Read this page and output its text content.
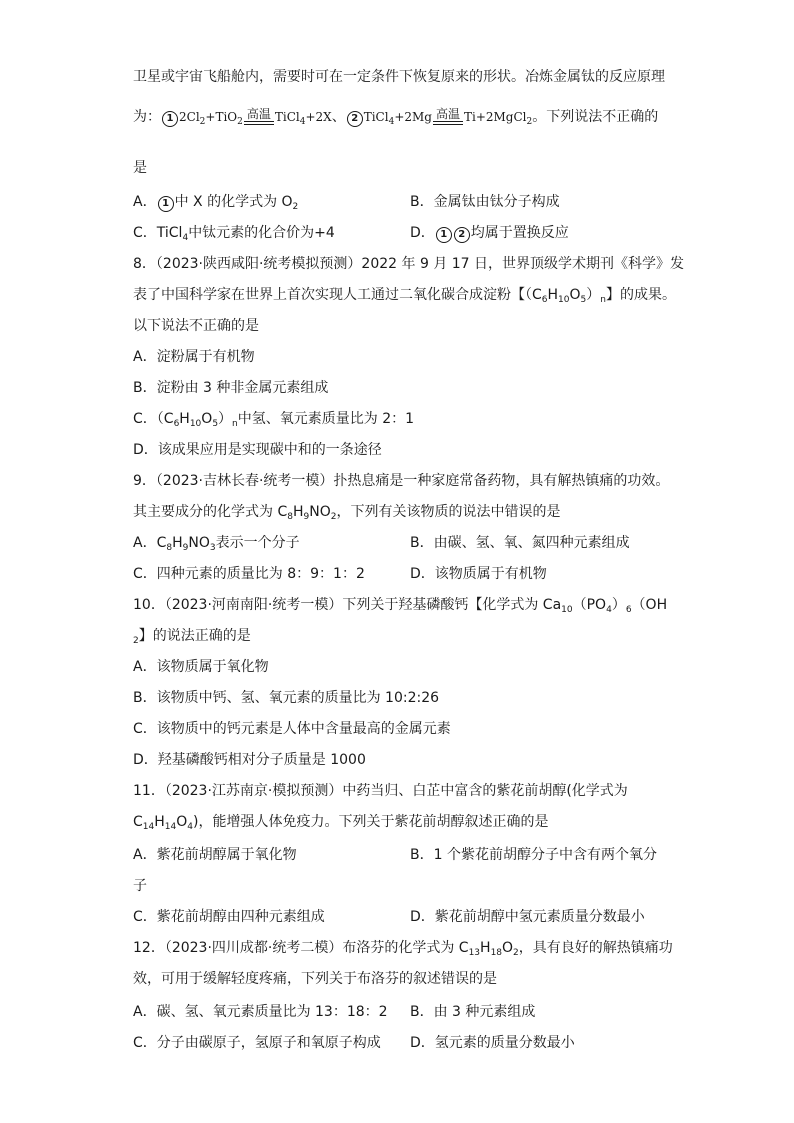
卫星或宇宙飞船舱内，需要时可在一定条件下恢复原来的形状。冶炼金属钛的反应原理
为： 1 $2Cl_2+TiO_2$
高温 TiCl$_4$+2X、 2 TiCl$_4$+2Mg 高温 Ti+2MgCl$_2$。下列说法不正确的
是
A． 1 中 X 的化学式为 $O_2$	B．金属钛由钛分子构成
C．TiCl$_4$中钛元素的化合价为+4	D． 1 2 均属于置换反应
8．（2023·陕西咸阳·统考模拟预测）2022 年 9 月 17 日，世界顶级学术期刊《科学》发
表了中国科学家在世界上首次实现人工通过二氧化碳合成淀粉【$(C_6H_{10}O_5)_n$】的成果。
以下说法不正确的是
A．淀粉属于有机物
B．淀粉由 3 种非金属元素组成
C．$(C_6H_{10}O_5)_n$中氢、氧元素质量比为 2：1
D．该成果应用是实现碳中和的一条途径
9．（2023·吉林长春·统考一模）扑热息痛是一种家庭常备药物，具有解热镇痛的功效。
其主要成分的化学式为 $C_8H_9NO_2$，下列有关该物质的说法中错误的是
A．$C_8H_9NO_3$表示一个分子	B．由碳、氢、氧、氮四种元素组成
C．四种元素的质量比为 8：9：1：2	D．该物质属于有机物
10．（2023·河南南阳·统考一模）下列关于羟基磷酸钙【化学式为 $Ca_{10}(PO_4)_6(OH$
$_2$】的说法正确的是
A．该物质属于氧化物
B．该物质中钙、氢、氧元素的质量比为 10:2:26
C．该物质中的钙元素是人体中含量最高的金属元素
D．羟基磷酸钙相对分子质量是 1000
11．（2023·江苏南京·模拟预测）中药当归、白芷中富含的紫花前胡醇(化学式为
$C_{14}H_{14}O_4$)，能增强人体免疫力。下列关于紫花前胡醇叙述正确的是
A．紫花前胡醇属于氧化物	B．1 个紫花前胡醇分子中含有两个氧分
子
C．紫花前胡醇由四种元素组成	D．紫花前胡醇中氢元素质量分数最小
12．（2023·四川成都·统考二模）布洛芬的化学式为 $C_{13}H_{18}O_2$，具有良好的解热镇痛功
效，可用于缓解轻度疼痛，下列关于布洛芬的叙述错误的是
A．碳、氢、氧元素质量比为 13：18：2 B．由 3 种元素组成
C．分子由碳原子，氢原子和氧原子构成 D．氢元素的质量分数最小
